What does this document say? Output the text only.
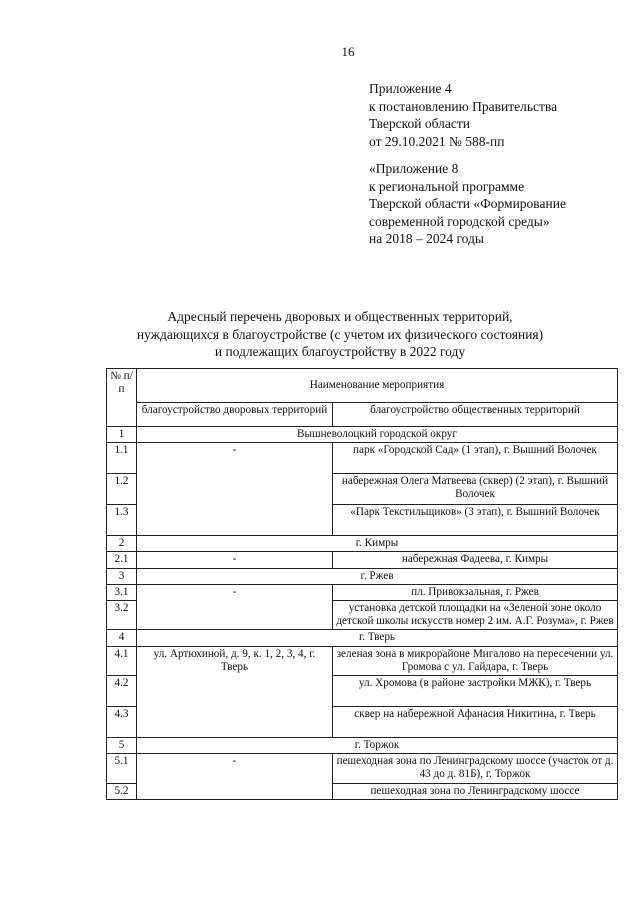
16
Приложение 4
к постановлению Правительства
Тверской области
от 29.10.2021 № 588-пп
«Приложение 8
к региональной программе
Тверской области «Формирование
современной городской среды»
на 2018 – 2024 годы
Адресный перечень дворовых и общественных территорий,
нуждающихся в благоустройстве (с учетом их физического состояния)
и подлежащих благоустройству в 2022 году
№ п/п	Наименование мероприятия	
	благоустройство дворовых территорий	благоустройство общественных территорий
1	Вышневолоцкий городской округ	
1.1	-	парк «Городской Сад» (1 этап), г. Вышний Волочек
1.2		набережная Олега Матвеева (сквер) (2 этап), г. Вышний Волочек
1.3		«Парк Текстильщиков» (3 этап), г. Вышний Волочек
2	г. Кимры	
2.1	-	набережная Фадеева, г. Кимры
3	г. Ржев	
3.1	-	пл. Привокзальная, г. Ржев
3.2		установка детской площадки на «Зеленой зоне около детской школы искусств номер 2 им. А.Г. Розума», г. Ржев
4	г. Тверь	
4.1	ул. Артюхиной, д. 9, к. 1, 2, 3, 4, г. Тверь	зеленая зона в микрорайоне Мигалово на пересечении ул. Громова с ул. Гайдара, г. Тверь
4.2		ул. Хромова (в районе застройки МЖК), г. Тверь
4.3		сквер на набережной Афанасия Никитина, г. Тверь
5	г. Торжок	
5.1	-	пешеходная зона по Ленинградскому шоссе (участок от д. 43 до д. 81Б), г. Торжок
5.2		пешеходная зона по Ленинградскому шоссе
